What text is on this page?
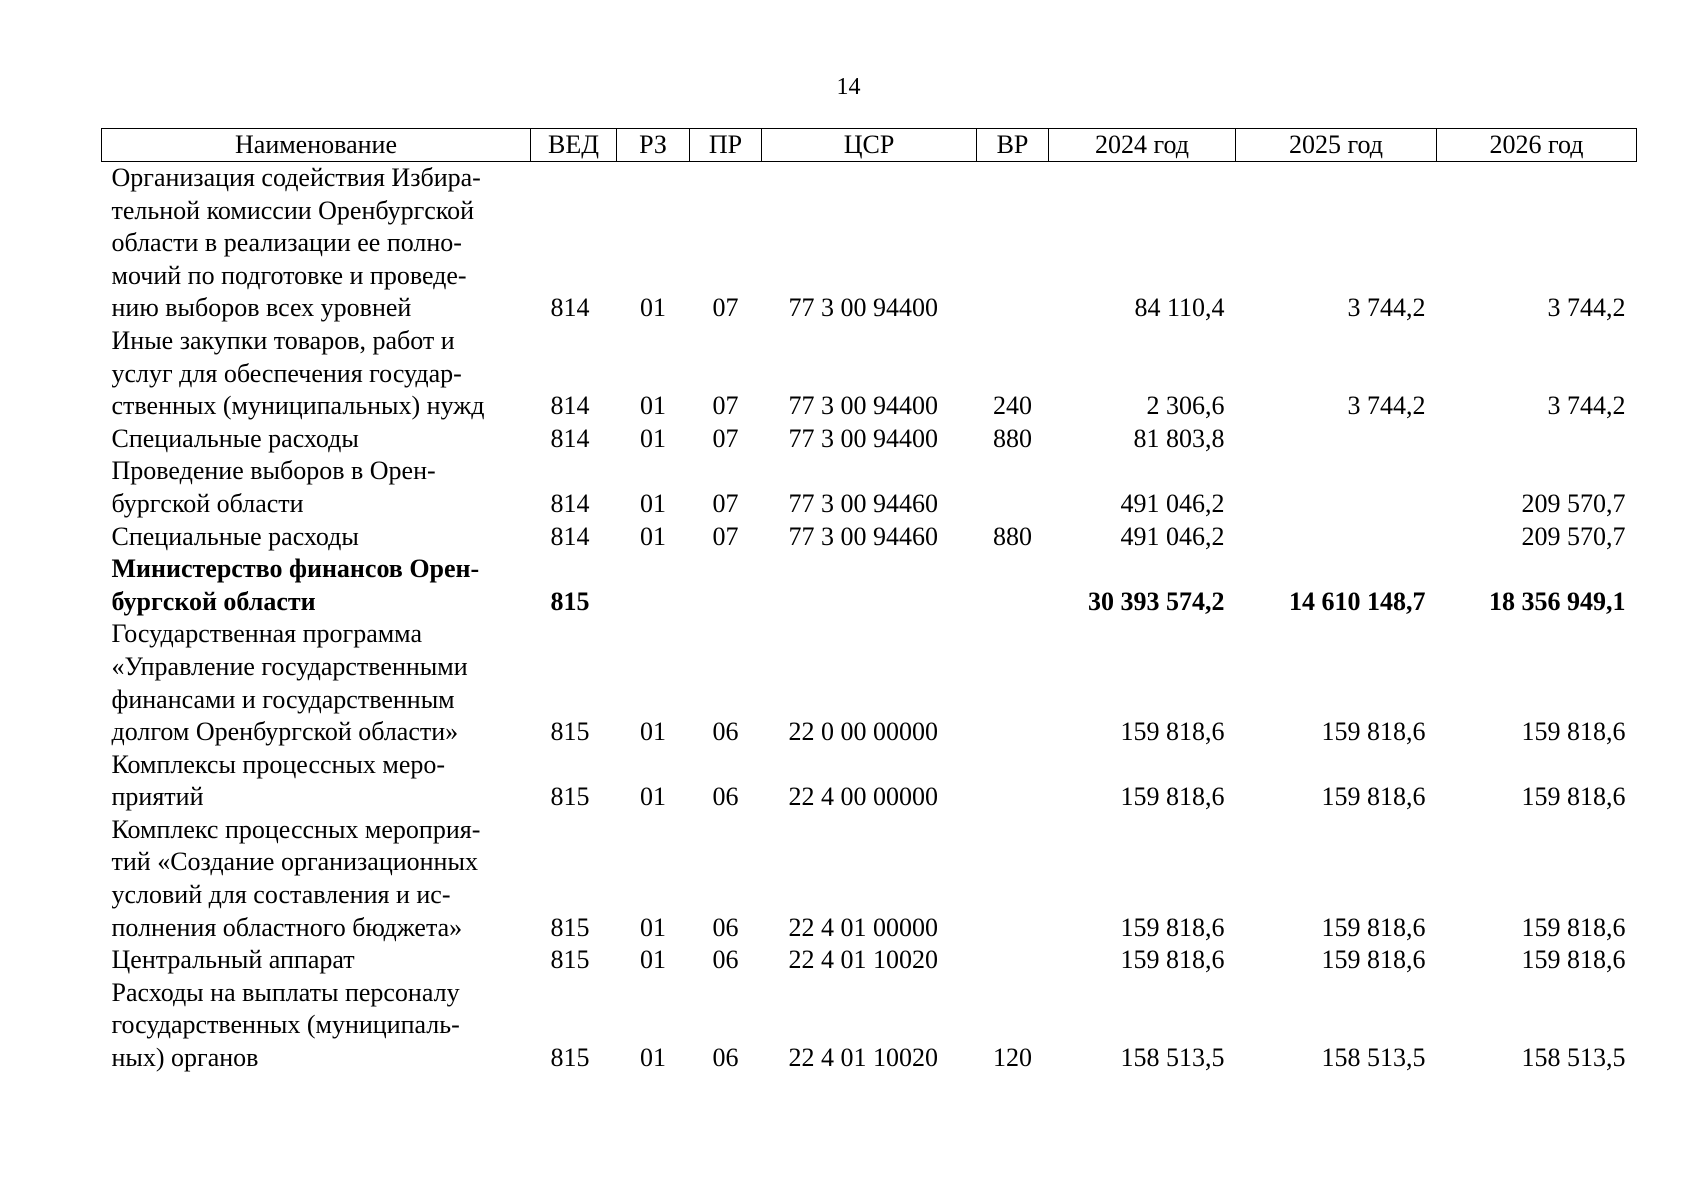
14
Наименование	ВЕД	РЗ	ПР	ЦСР	ВР	2024 год	2025 год	2026 год
Организация содействия Избира-
тельной комиссии Оренбургской
области в реализации ее полно-
мочий по подготовке и проведе-
нию выборов всех уровней	814	01	07	77 3 00 94400		84 110,4	3 744,2	3 744,2
Иные закупки товаров, работ и
услуг для обеспечения государ-
ственных (муниципальных) нужд	814	01	07	77 3 00 94400	240	2 306,6	3 744,2	3 744,2
Специальные расходы	814	01	07	77 3 00 94400	880	81 803,8		
Проведение выборов в Орен-
бургской области	814	01	07	77 3 00 94460		491 046,2		209 570,7
Специальные расходы	814	01	07	77 3 00 94460	880	491 046,2		209 570,7
Министерство финансов Орен-
бургской области	815					30 393 574,2	14 610 148,7	18 356 949,1
Государственная программа
«Управление государственными
финансами и государственным
долгом Оренбургской области»	815	01	06	22 0 00 00000		159 818,6	159 818,6	159 818,6
Комплексы процессных меро-
приятий	815	01	06	22 4 00 00000		159 818,6	159 818,6	159 818,6
Комплекс процессных мероприя-
тий «Создание организационных
условий для составления и ис-
полнения областного бюджета»	815	01	06	22 4 01 00000		159 818,6	159 818,6	159 818,6
Центральный аппарат	815	01	06	22 4 01 10020		159 818,6	159 818,6	159 818,6
Расходы на выплаты персоналу
государственных (муниципаль-
ных) органов	815	01	06	22 4 01 10020	120	158 513,5	158 513,5	158 513,5
